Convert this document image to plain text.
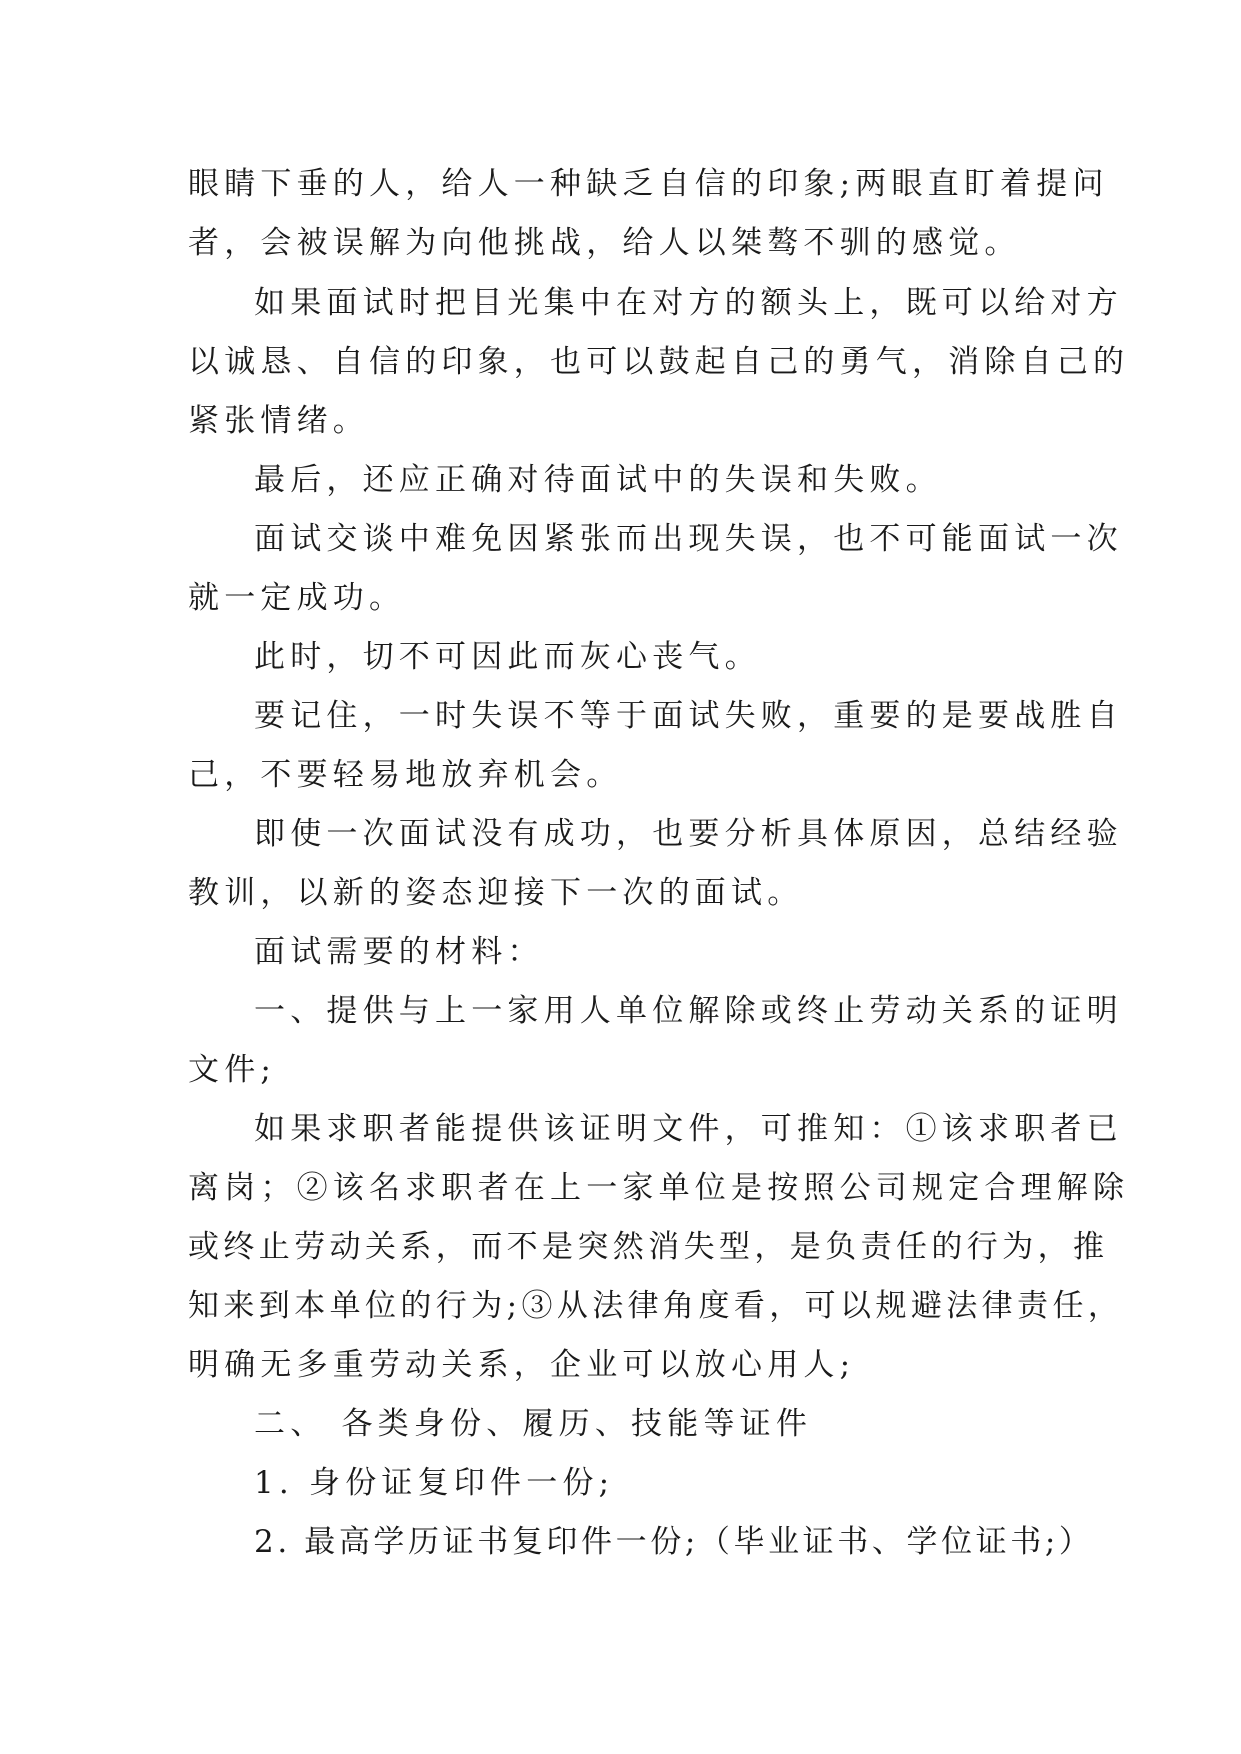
眼睛下垂的人，给人一种缺乏自信的印象;两眼直盯着提问
者，会被误解为向他挑战，给人以桀骜不驯的感觉。
如果面试时把目光集中在对方的额头上，既可以给对方
以诚恳、自信的印象，也可以鼓起自己的勇气，消除自己的
紧张情绪。
最后，还应正确对待面试中的失误和失败。
面试交谈中难免因紧张而出现失误，也不可能面试一次
就一定成功。
此时，切不可因此而灰心丧气。
要记住，一时失误不等于面试失败，重要的是要战胜自
己，不要轻易地放弃机会。
即使一次面试没有成功，也要分析具体原因，总结经验
教训，以新的姿态迎接下一次的面试。
面试需要的材料：
一、提供与上一家用人单位解除或终止劳动关系的证明
文件;
如果求职者能提供该证明文件，可推知：①该求职者已
离岗；②该名求职者在上一家单位是按照公司规定合理解除
或终止劳动关系，而不是突然消失型，是负责任的行为，推
知来到本单位的行为;③从法律角度看，可以规避法律责任，
明确无多重劳动关系，企业可以放心用人;
二、 各类身份、履历、技能等证件
1. 身份证复印件一份;
2. 最高学历证书复印件一份;（毕业证书、学位证书;）
